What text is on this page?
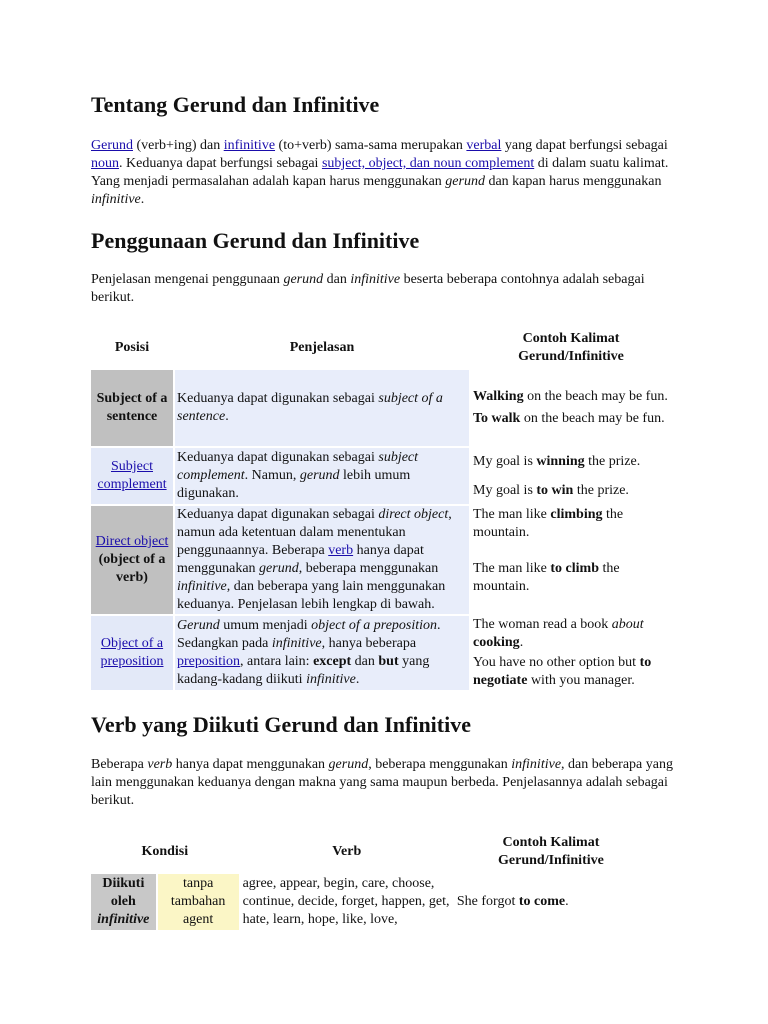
Tentang Gerund dan Infinitive

Gerund (verb+ing) dan infinitive (to+verb) sama-sama merupakan verbal yang dapat berfungsi sebagai noun. Keduanya dapat berfungsi sebagai subject, object, dan noun complement di dalam suatu kalimat. Yang menjadi permasalahan adalah kapan harus menggunakan gerund dan kapan harus menggunakan infinitive.

Penggunaan Gerund dan Infinitive

Penjelasan mengenai penggunaan gerund dan infinitive beserta beberapa contohnya adalah sebagai berikut.

Posisi	Penjelasan	Contoh Kalimat Gerund/Infinitive
Subject of a sentence	Keduanya dapat digunakan sebagai subject of a sentence.	Walking on the beach may be fun.
To walk on the beach may be fun.

Subject complement	Keduanya dapat digunakan sebagai subject complement. Namun, gerund lebih umum digunakan.	My goal is winning the prize.
My goal is to win the prize.

Direct object
(object of a verb)	Keduanya dapat digunakan sebagai direct object, namun ada ketentuan dalam menentukan penggunaannya. Beberapa verb hanya dapat menggunakan gerund, beberapa menggunakan infinitive, dan beberapa yang lain menggunakan keduanya. Penjelasan lebih lengkap di bawah.	The man like climbing the mountain.
The man like to climb the mountain.

Object of a preposition	Gerund umum menjadi object of a preposition. Sedangkan pada infinitive, hanya beberapa preposition, antara lain: except dan but yang kadang-kadang diikuti infinitive.	The woman read a book about cooking.
You have no other option but to negotiate with you manager.
Verb yang Diikuti Gerund dan Infinitive

Beberapa verb hanya dapat menggunakan gerund, beberapa menggunakan infinitive, dan beberapa yang lain menggunakan keduanya dengan makna yang sama maupun berbeda. Penjelasannya adalah sebagai berikut.

Kondisi		Verb	Contoh Kalimat Gerund/Infinitive
Diikuti oleh infinitive	tanpa tambahan agent	agree, appear, begin, care, choose, continue, decide, forget, happen, get, hate, learn, hope, like, love,	She forgot to come.
